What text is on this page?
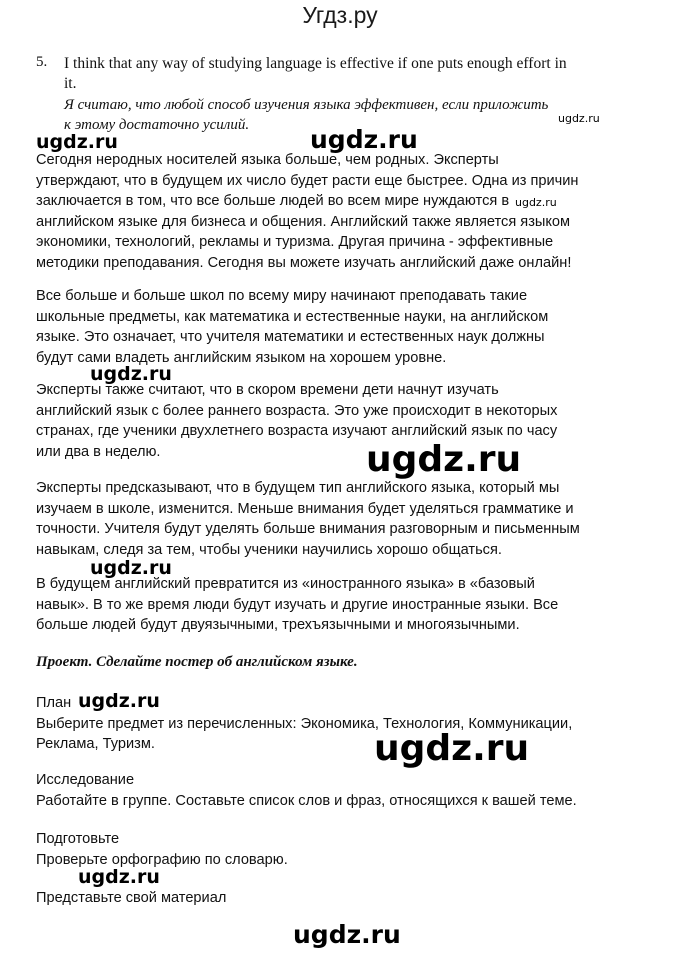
Угдз.ру
5. I think that any way of studying language is effective if one puts enough effort in
it.
Я считаю, что любой способ изучения языка эффективен, если приложить
к этому достаточно усилий.
Сегодня неродных носителей языка больше, чем родных. Эксперты
утверждают, что в будущем их число будет расти еще быстрее. Одна из причин
заключается в том, что все больше людей во всем мире нуждаются в
английском языке для бизнеса и общения. Английский также является языком
экономики, технологий, рекламы и туризма. Другая причина - эффективные
методики преподавания. Сегодня вы можете изучать английский даже онлайн!
Все больше и больше школ по всему миру начинают преподавать такие
школьные предметы, как математика и естественные науки, на английском
языке. Это означает, что учителя математики и естественных наук должны
будут сами владеть английским языком на хорошем уровне.
Эксперты также считают, что в скором времени дети начнут изучать
английский язык с более раннего возраста. Это уже происходит в некоторых
странах, где ученики двухлетнего возраста изучают английский язык по часу
или два в неделю.
Эксперты предсказывают, что в будущем тип английского языка, который мы
изучаем в школе, изменится. Меньше внимания будет уделяться грамматике и
точности. Учителя будут уделять больше внимания разговорным и письменным
навыкам, следя за тем, чтобы ученики научились хорошо общаться.
В будущем английский превратится из «иностранного языка» в «базовый
навык». В то же время люди будут изучать и другие иностранные языки. Все
больше людей будут двуязычными, трехъязычными и многоязычными.
Проект. Сделайте постер об английском языке.
План
Выберите предмет из перечисленных: Экономика, Технология, Коммуникации,
Реклама, Туризм.
Исследование
Работайте в группе. Составьте список слов и фраз, относящихся к вашей теме.
Подготовьте
Проверьте орфографию по словарю.
Представьте свой материал
ugdz.ru	ugdz.ru
ugdz.ru
ugdz.ru
ugdz.ru
ugdz.ru
ugdz.ru
ugdz.ru
ugdz.ru
ugdz.ru
ugdz.ru
